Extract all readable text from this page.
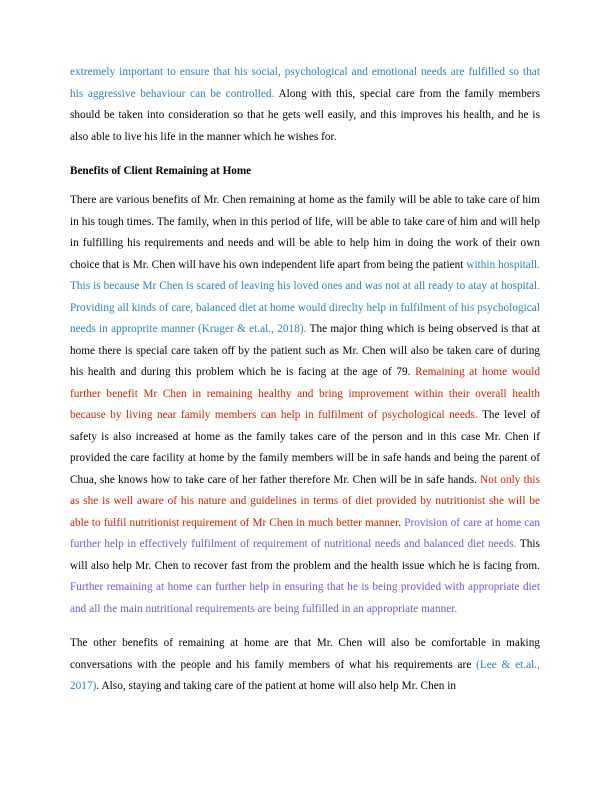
extremely important to ensure that his social, psychological and emotional needs are fulfilled so that his aggressive behaviour can be controlled. Along with this, special care from the family members should be taken into consideration so that he gets well easily, and this improves his health, and he is also able to live his life in the manner which he wishes for.

Benefits of Client Remaining at Home

There are various benefits of Mr. Chen remaining at home as the family will be able to take care of him in his tough times. The family, when in this period of life, will be able to take care of him and will help in fulfilling his requirements and needs and will be able to help him in doing the work of their own choice that is Mr. Chen will have his own independent life apart from being the patient within hospitall. This is because Mr Chen is scared of leaving his loved ones and was not at all ready to atay at hospital. Providing all kinds of care, balanced diet at home would direclty help in fulfilment of his psychological needs in approprite manner (Kruger & et.al., 2018). The major thing which is being observed is that at home there is special care taken off by the patient such as Mr. Chen will also be taken care of during his health and during this problem which he is facing at the age of 79. Remaining at home would further benefit Mr Chen in remaining healthy and bring improvement within their overall health because by living near family members can help in fulfilment of psychological needs. The level of safety is also increased at home as the family takes care of the person and in this case Mr. Chen if provided the care facility at home by the family members will be in safe hands and being the parent of Chua, she knows how to take care of her father therefore Mr. Chen will be in safe hands. Not only this as she is well aware of his nature and guidelines in terms of diet provided by nutritionist she will be able to fulfil nutritionist requirement of Mr Chen in much better manner. Provision of care at home can further help in effectively fulfilment of requirement of nutritional needs and balanced diet needs. This will also help Mr. Chen to recover fast from the problem and the health issue which he is facing from. Further remaining at home can further help in ensuring that he is being provided with appropriate diet and all the main nutritional requirements are being fulfilled in an appropriate manner.

The other benefits of remaining at home are that Mr. Chen will also be comfortable in making conversations with the people and his family members of what his requirements are (Lee & et.al., 2017). Also, staying and taking care of the patient at home will also help Mr. Chen in
